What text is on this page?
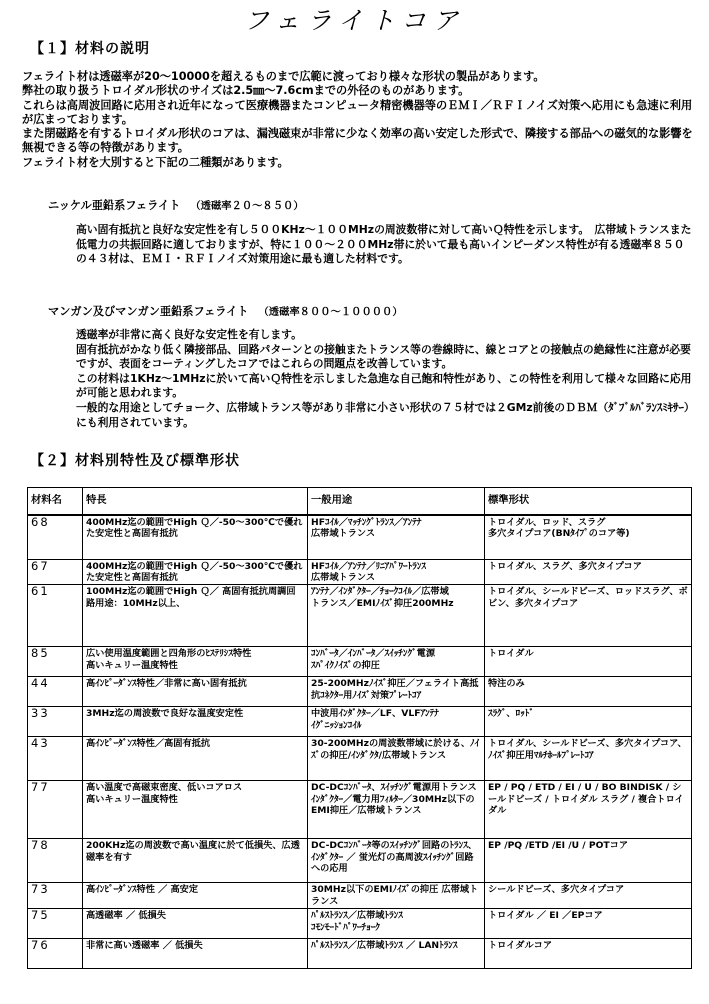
フェライトコア
【１】材料の説明

フェライト材は透磁率が20～10000を超えるものまで広範に渡っており様々な形状の製品があります。

弊社の取り扱うトロイダル形状のサイズは2.5㎜～7.6cmまでの外径のものがあります。

これらは高周波回路に応用され近年になって医療機器またコンピュータ精密機器等のＥＭＩ／ＲＦＩノイズ対策へ応用にも急速に利用が広まっております。

また閉磁路を有するトロイダル形状のコアは、漏洩磁束が非常に少なく効率の高い安定した形式で、隣接する部品への磁気的な影響を無視できる等の特徴があります。

フェライト材を大別すると下記の二種類があります。

ニッケル亜鉛系フェライト （透磁率２０～８５０）

高い固有抵抗と良好な安定性を有し５００KHz～１００MHzの周波数帯に対して高いＱ特性を示します。　広帯域トランスまた低電力の共振回路に適しておりますが、特に１００～２００MHz帯に於いて最も高いインピーダンス特性が有る透磁率８５０の４３材は、ＥＭＩ・ＲＦＩノイズ対策用途に最も適した材料です。

マンガン及びマンガン亜鉛系フェライト （透磁率８００～１００００）

透磁率が非常に高く良好な安定性を有します。

固有抵抗がかなり低く隣接部品、回路パターンとの接触またトランス等の巻線時に、線とコアとの接触点の絶縁性に注意が必要ですが、表面をコーティングしたコアではこれらの問題点を改善しています。

この材料は1KHz～1MHzに於いて高いＱ特性を示しました急進な自己飽和特性があり、この特性を利用して様々な回路に応用が可能と思われます。

一般的な用途としてチョーク、広帯域トランス等があり非常に小さい形状の７５材では２GMz前後のＤＢＭ（ﾀﾞﾌﾞﾙﾊﾞﾗﾝｽﾐｷｻｰ）にも利用されています。

【２】材料別特性及び標準形状
材料名	特長	一般用途	標準形状
68	400MHz迄の範囲でHigh Ｑ／-50～300℃で優れた安定性と高固有抵抗	HFｺｲﾙ／ﾏｯﾁﾝｸﾞﾄﾗﾝｽ／ｱﾝﾃﾅ
広帯域トランス	トロイダル、ロッド、スラグ
多穴タイプコア(BNﾀｲﾌﾟのコア等)
67	400MHz迄の範囲でHigh Ｑ／-50～300℃で優れた安定性と高固有抵抗	HFｺｲﾙ／ｱﾝﾃﾅ／ﾘﾆｱﾊﾟﾜｰﾄﾗﾝｽ
広帯域トランス	トロイダル、スラグ、多穴タイプコア
61	100MHz迄の範囲でHigh Ｑ／ 高固有抵抗周調回路用途：10MHz以上、	ｱﾝﾃﾅ／ｲﾝﾀﾞｸﾀｰ／ﾁｮｰｸｺｲﾙ／広帯域
トランス／EMIﾉｲｽﾞ抑圧200MHz	トロイダル、シールドビーズ、ロッドスラグ、ボビン、多穴タイプコア
85	広い使用温度範囲と四角形のﾋｽﾃﾘｼｽ特性
高いキュリー温度特性	ｺﾝﾊﾞｰﾀ／ｲﾝﾊﾞｰﾀ／ｽｲｯﾁﾝｸﾞ電源
ｽﾊﾟｲｸﾉｲｽﾞの抑圧	トロイダル
44	高ｲﾝﾋﾟｰﾀﾞﾝｽ特性／非常に高い固有抵抗	25-200MHzﾉｲｽﾞ抑圧／フェライト高抵抗ｺﾈｸﾀｰ用ﾉｲｽﾞ対策ﾌﾟﾚｰﾄｺｱ	特注のみ
33	3MHz迄の周波数で良好な温度安定性	中波用ｲﾝﾀﾞｸﾀｰ／LF、VLFｱﾝﾃﾅ
ｲｸﾞﾆｯｼｮﾝｺｲﾙ	ｽﾗｸﾞ、ﾛｯﾄﾞ
43	高ｲﾝﾋﾟｰﾀﾞﾝｽ特性／高固有抵抗	30-200MHzの周波数帯域に於ける、ﾉｲｽﾞの抑圧/ｲﾝﾀﾞｸﾀ/広帯域トランス	トロイダル、シールドビーズ、多穴タイプコア、ﾉｲｽﾞ抑圧用ﾏﾙﾁﾎｰﾙﾌﾟﾚｰﾄｺｱ
77	高い温度で高磁束密度、低いコアロス
高いキュリー温度特性	DC-DCｺﾝﾊﾞｰﾀ、ｽｲｯﾁﾝｸﾞ電源用トランス
ｲﾝﾀﾞｸﾀｰ／電力用ﾌｨﾙﾀｰ／30MHz以下のEMI抑圧／広帯域トランス	EP / PQ / ETD / EI / U / BO BINDISK / シールドビーズ / トロイダル スラグ / 複合トロイダル
78	200KHz迄の周波数で高い温度に於て低損失、広透磁率を有す	DC-DCｺﾝﾊﾞｰﾀ等のｽｲｯﾁﾝｸﾞ回路のﾄﾗﾝｽ、ｲﾝﾀﾞｸﾀｰ ／ 蛍光灯の高周波ｽｲｯﾁﾝｸﾞ回路への応用	EP /PQ /ETD /EI /U / POTコア
73	高ｲﾝﾋﾟｰﾀﾞﾝｽ特性 ／ 高安定	30MHz以下のEMIﾉｲｽﾞの抑圧 広帯域トランス	シールドビーズ、多穴タイプコア
75	高透磁率 ／ 低損失	ﾊﾟﾙｽﾄﾗﾝｽ／広帯域ﾄﾗﾝｽ
ｺﾓﾝﾓｰﾄﾞﾊﾟﾜｰﾁｮｰｸ	トロイダル ／ EI ／EPコア
76	非常に高い透磁率 ／ 低損失	ﾊﾟﾙｽﾄﾗﾝｽ／広帯域ﾄﾗﾝｽ ／ LANﾄﾗﾝｽ	トロイダルコア
